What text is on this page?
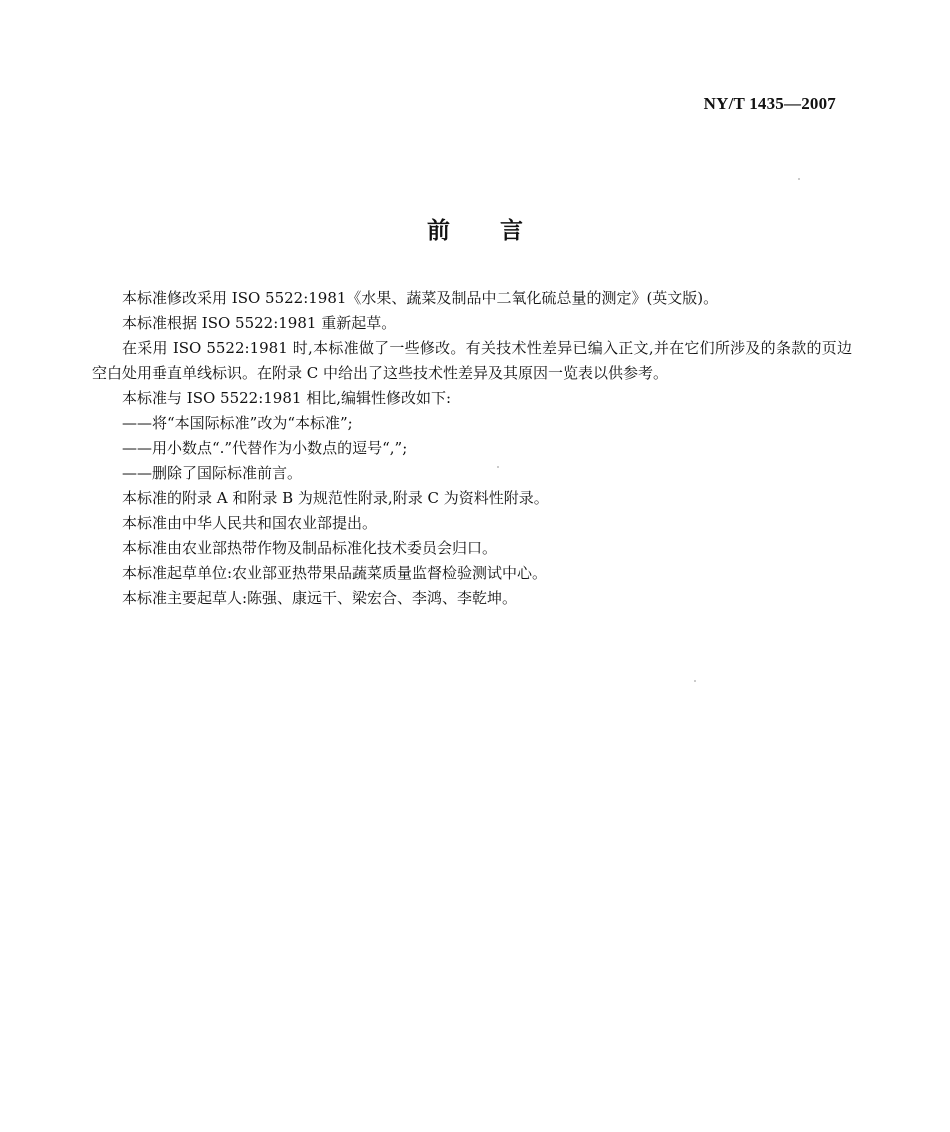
NY/T 1435—2007
前言

本标准修改采用 ISO 5522:1981《水果、蔬菜及制品中二氧化硫总量的测定》(英文版)。

本标准根据 ISO 5522:1981 重新起草。

在采用 ISO 5522:1981 时,本标准做了一些修改。有关技术性差异已编入正文,并在它们所涉及的条款的页边空白处用垂直单线标识。在附录 C 中给出了这些技术性差异及其原因一览表以供参考。

本标准与 ISO 5522:1981 相比,编辑性修改如下:

——将“本国际标准”改为“本标准”;

——用小数点“.”代替作为小数点的逗号“,”;

——删除了国际标准前言。

本标准的附录 A 和附录 B 为规范性附录,附录 C 为资料性附录。

本标准由中华人民共和国农业部提出。

本标准由农业部热带作物及制品标准化技术委员会归口。

本标准起草单位:农业部亚热带果品蔬菜质量监督检验测试中心。

本标准主要起草人:陈强、康远干、梁宏合、李鸿、李乾坤。
